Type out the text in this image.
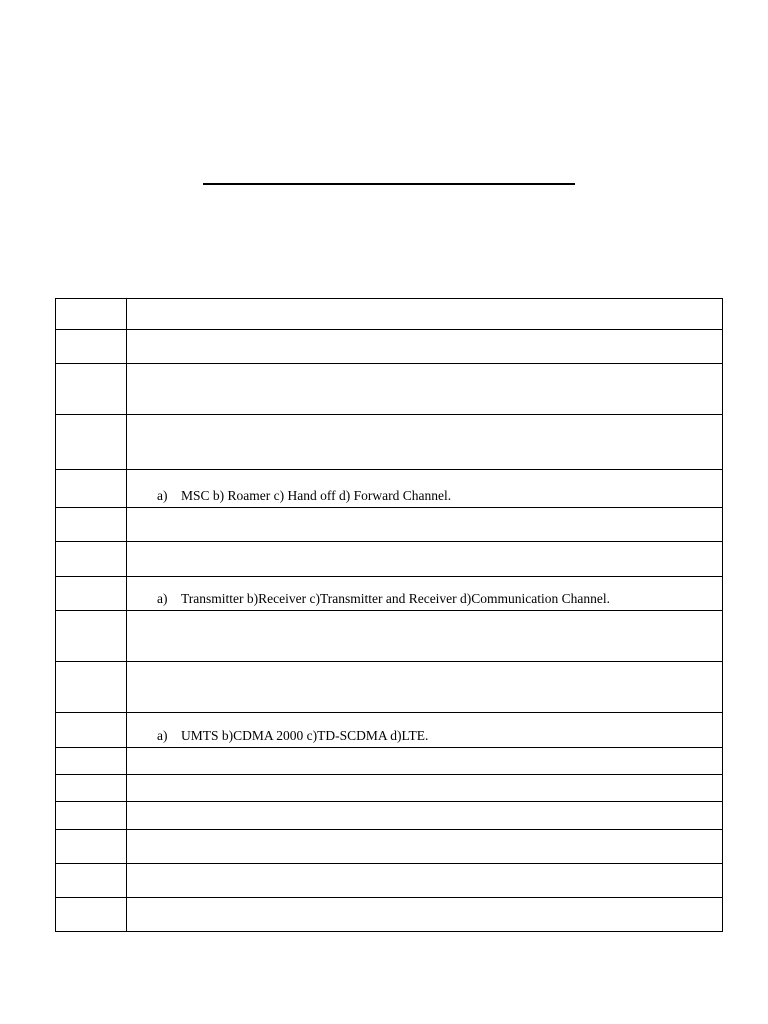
	a) MSC b) Roamer c) Hand off d) Forward Channel.

	a) Transmitter b)Receiver c)Transmitter and Receiver d)Communication Channel.

	a) UMTS b)CDMA 2000 c)TD-SCDMA d)LTE.
